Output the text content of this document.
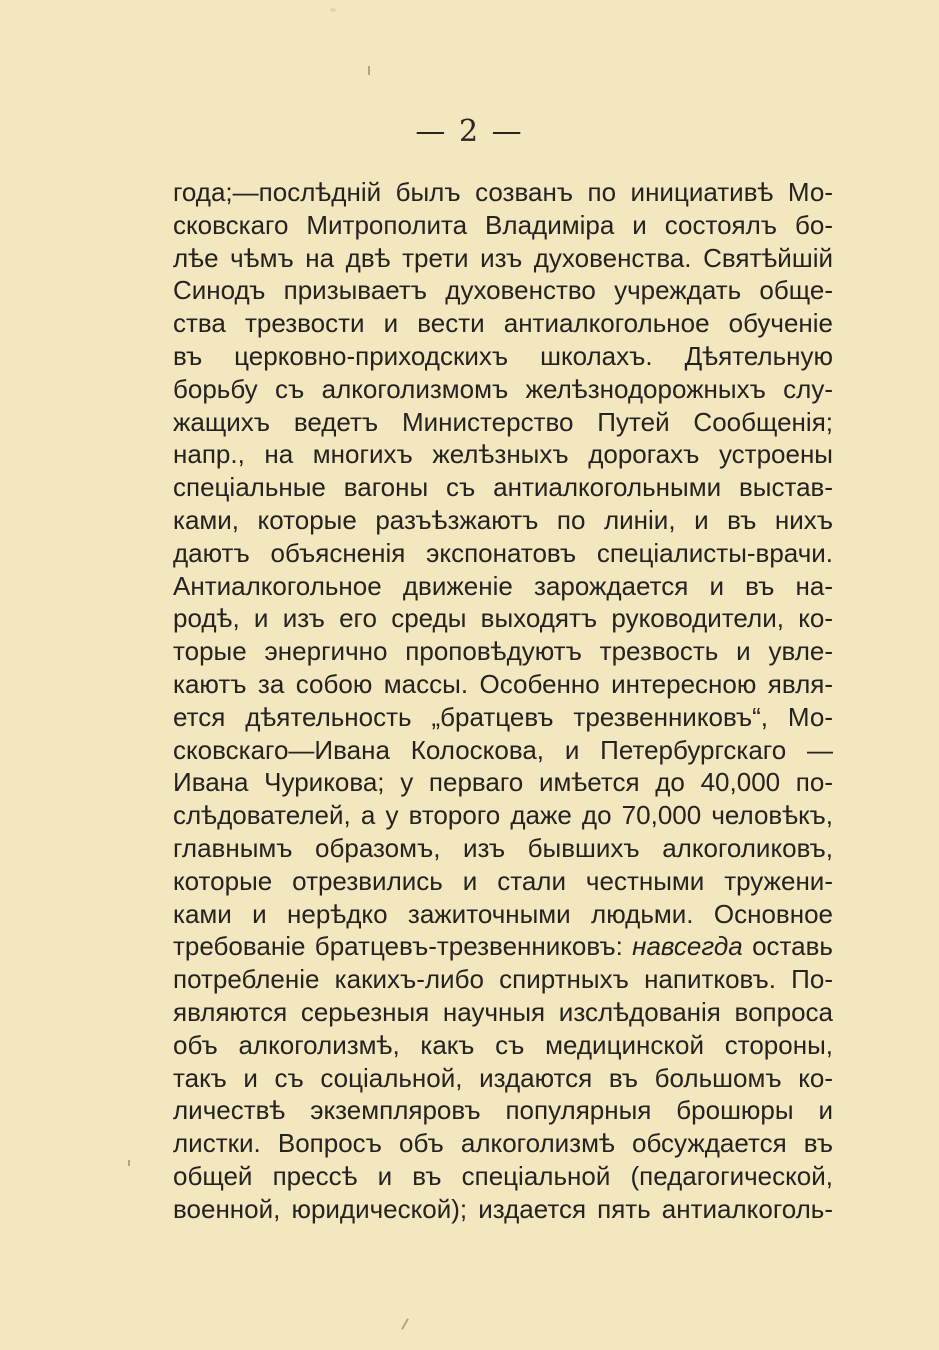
— 2 —
года;—послѣдній былъ созванъ по инициативѣ Мо-
сковскаго Митрополита Владиміра и состоялъ бо-
лѣе чѣмъ на двѣ трети изъ духовенства. Святѣйшій
Синодъ призываетъ духовенство учреждать обще-
ства трезвости и вести антиалкогольное обученіе
въ церковно-приходскихъ школахъ. Дѣятельную
борьбу съ алкоголизмомъ желѣзнодорожныхъ слу-
жащихъ ведетъ Министерство Путей Сообщенія;
напр., на многихъ желѣзныхъ дорогахъ устроены
спеціальные вагоны съ антиалкогольными выстав-
ками, которые разъѣзжаютъ по линіи, и въ нихъ
даютъ объясненія экспонатовъ спеціалисты-врачи.
Антиалкогольное движеніе зарождается и въ на-
родѣ, и изъ его среды выходятъ руководители, ко-
торые энергично проповѣдуютъ трезвость и увле-
каютъ за собою массы. Особенно интересною явля-
ется дѣятельность „братцевъ трезвенниковъ“, Мо-
сковскаго—Ивана Колоскова, и Петербургскаго —
Ивана Чурикова; у перваго имѣется до 40,000 по-
слѣдователей, а у второго даже до 70,000 человѣкъ,
главнымъ образомъ, изъ бывшихъ алкоголиковъ,
которые отрезвились и стали честными тружени-
ками и нерѣдко зажиточными людьми. Основное
требованіе братцевъ-трезвенниковъ: навсегда оставь
потребленіе какихъ-либо спиртныхъ напитковъ. По-
являются серьезныя научныя изслѣдованія вопроса
объ алкоголизмѣ, какъ съ медицинской стороны,
такъ и съ соціальной, издаются въ большомъ ко-
личествѣ экземпляровъ популярныя брошюры и
листки. Вопросъ объ алкоголизмѣ обсуждается въ
общей прессѣ и въ спеціальной (педагогической,
военной, юридической); издается пять антиалкоголь-
